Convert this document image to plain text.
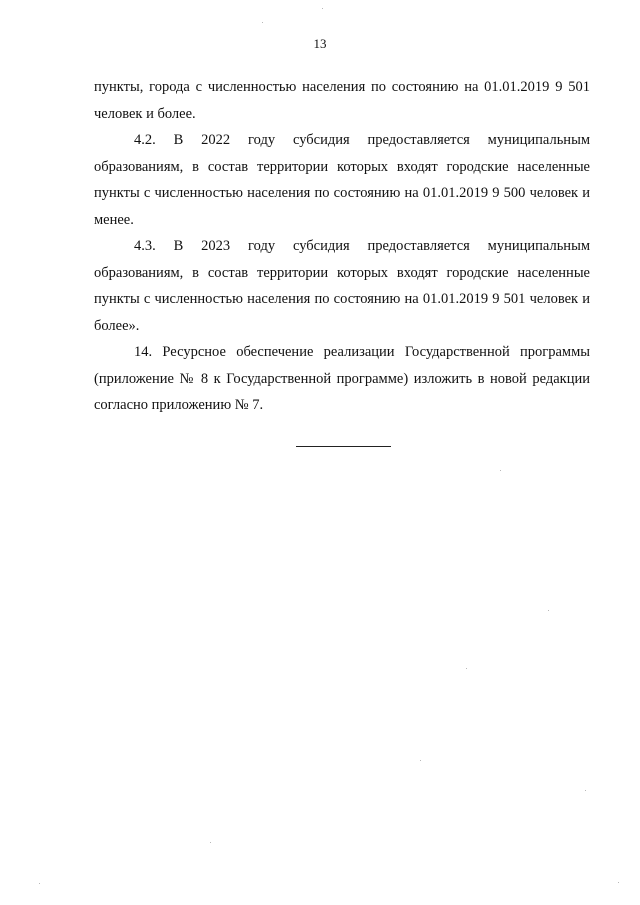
13

пункты, города с численностью населения по состоянию на 01.01.2019 9 501 человек и более.

4.2. В 2022 году субсидия предоставляется муниципальным образованиям, в состав территории которых входят городские населенные пункты с численностью населения по состоянию на 01.01.2019 9 500 человек и менее.

4.3. В 2023 году субсидия предоставляется муниципальным образованиям, в состав территории которых входят городские населенные пункты с численностью населения по состоянию на 01.01.2019 9 501 человек и более».

14. Ресурсное обеспечение реализации Государственной программы (приложение № 8 к Государственной программе) изложить в новой редакции согласно приложению № 7.
